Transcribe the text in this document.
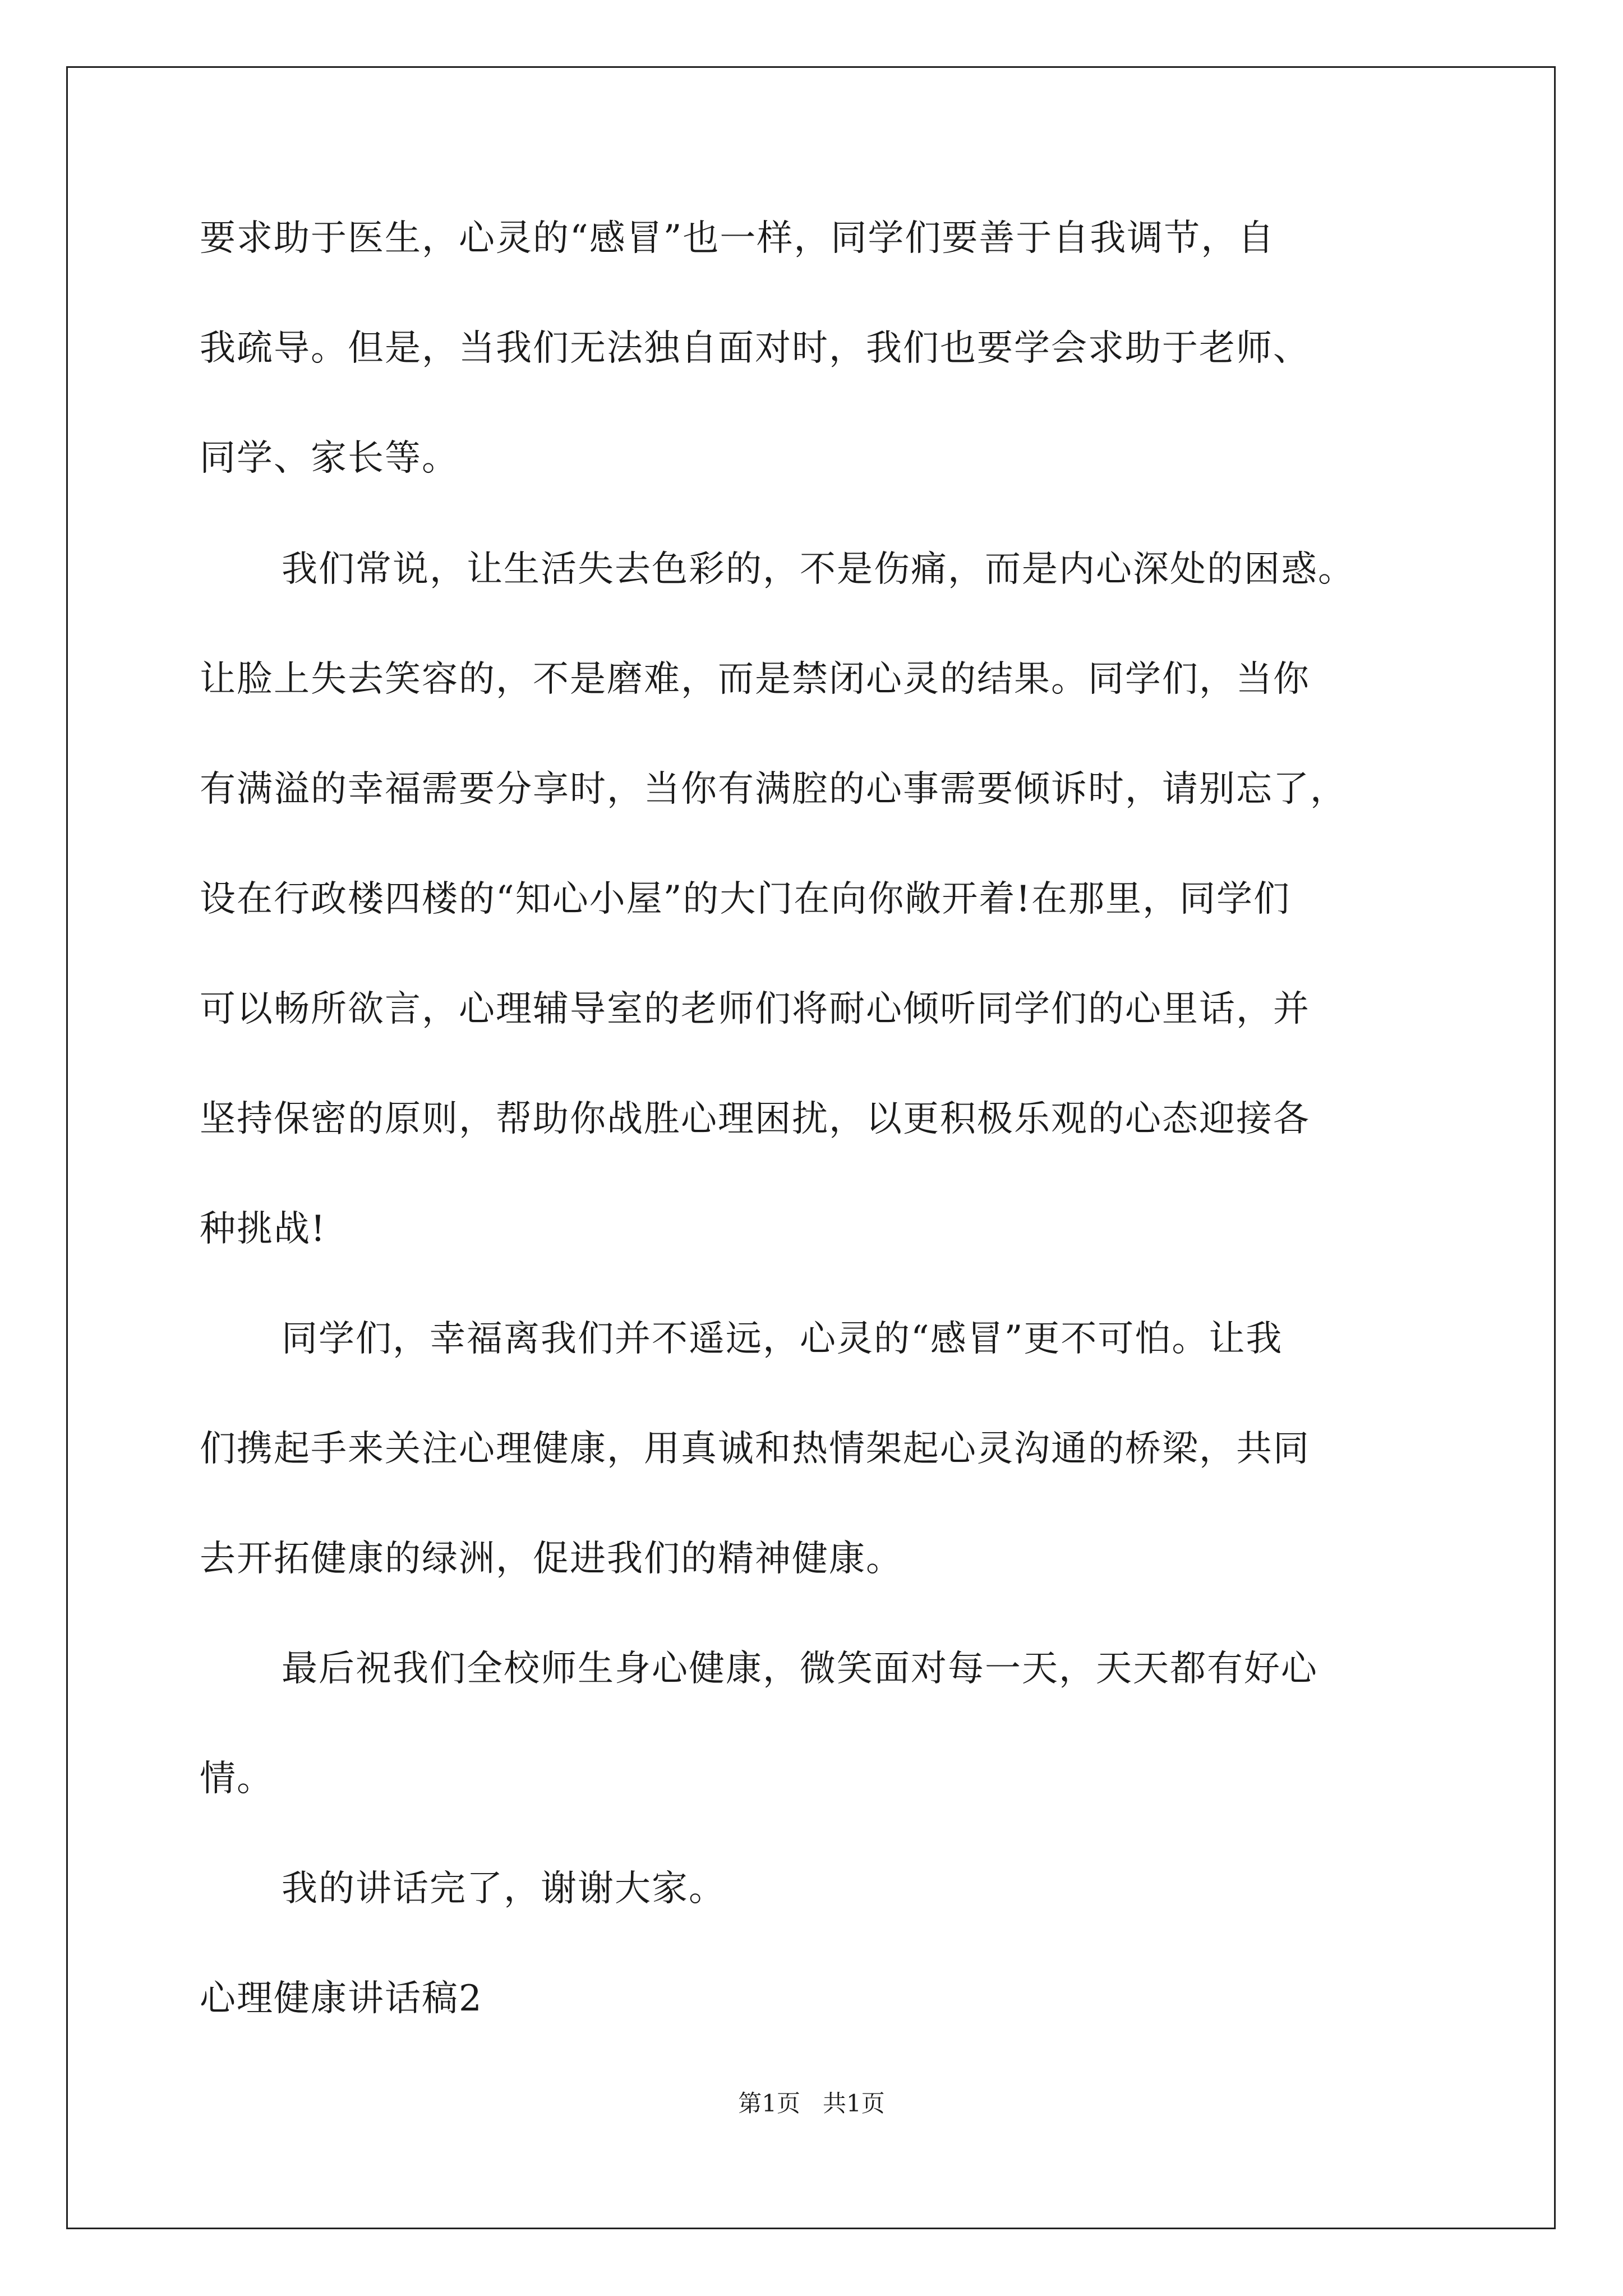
要求助于医生，心灵的“感冒”也一样，同学们要善于自我调节，自
我疏导。但是，当我们无法独自面对时，我们也要学会求助于老师、
同学、家长等。
我们常说，让生活失去色彩的，不是伤痛，而是内心深处的困惑。
让脸上失去笑容的，不是磨难，而是禁闭心灵的结果。同学们，当你
有满溢的幸福需要分享时，当你有满腔的心事需要倾诉时，请别忘了，
设在行政楼四楼的“知心小屋”的大门在向你敞开着!在那里，同学们
可以畅所欲言，心理辅导室的老师们将耐心倾听同学们的心里话，并
坚持保密的原则，帮助你战胜心理困扰，以更积极乐观的心态迎接各
种挑战!
同学们，幸福离我们并不遥远，心灵的“感冒”更不可怕。让我
们携起手来关注心理健康，用真诚和热情架起心灵沟通的桥梁，共同
去开拓健康的绿洲，促进我们的精神健康。
最后祝我们全校师生身心健康，微笑面对每一天，天天都有好心
情。
我的讲话完了，谢谢大家。
心理健康讲话稿2
第1页   共1页
